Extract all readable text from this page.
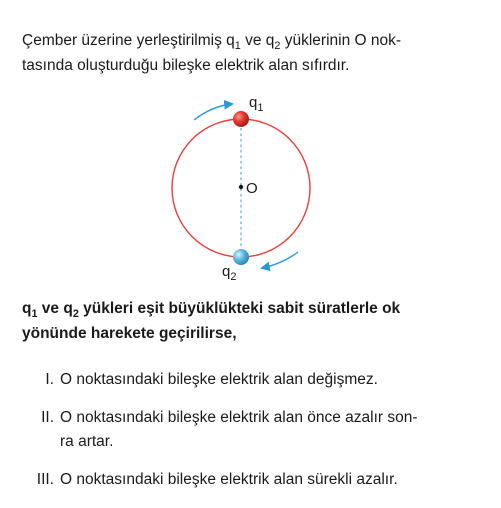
Çember üzerine yerleştirilmiş $q_1$ ve $q_2$ yüklerinin O nok-
tasında oluşturduğu bileşke elektrik alan sıfırdır.
O
$q_1$
$q_2$
$q_1$ ve $q_2$ yükleri eşit büyüklükteki sabit süratlerle ok
yönünde harekete geçirilirse,
I. O noktasındaki bileşke elektrik alan değişmez.
II. O noktasındaki bileşke elektrik alan önce azalır son-
ra artar.
III. O noktasındaki bileşke elektrik alan sürekli azalır.
